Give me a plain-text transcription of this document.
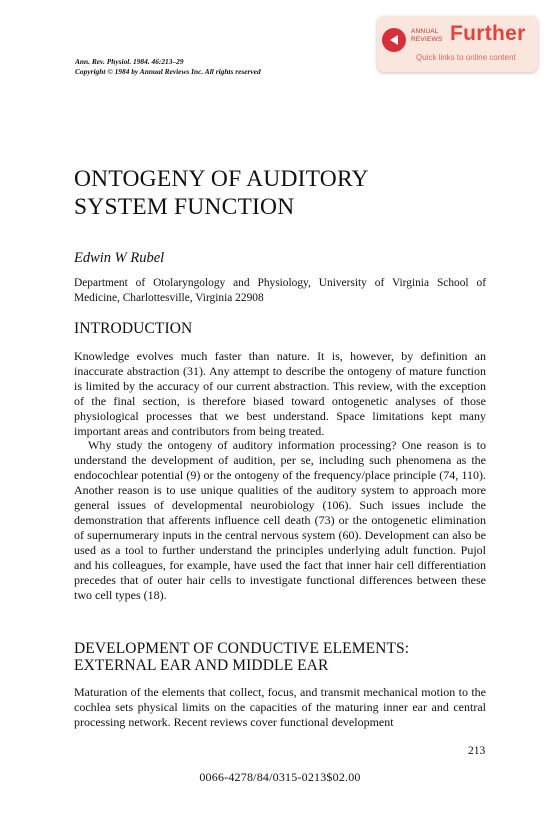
Ann. Rev. Physiol. 1984. 46:213–29
Copyright © 1984 by Annual Reviews Inc. All rights reserved
ANNUAL
REVIEWS Further
Quick links to online content
ONTOGENY OF AUDITORY
SYSTEM FUNCTION
Edwin W Rubel
Department of Otolaryngology and Physiology, University of Virginia School of Medicine, Charlottesville, Virginia 22908
INTRODUCTION

Knowledge evolves much faster than nature. It is, however, by definition an inaccurate abstraction (31). Any attempt to describe the ontogeny of mature function is limited by the accuracy of our current abstraction. This review, with the exception of the final section, is therefore biased toward ontogenetic analyses of those physiological processes that we best understand. Space limitations kept many important areas and contributors from being treated.

Why study the ontogeny of auditory information processing? One reason is to understand the development of audition, per se, including such phenomena as the endocochlear potential (9) or the ontogeny of the frequency/place principle (74, 110). Another reason is to use unique qualities of the auditory system to approach more general issues of developmental neurobiology (106). Such issues include the demonstration that afferents influence cell death (73) or the ontogenetic elimination of supernumerary inputs in the central nervous system (60). Development can also be used as a tool to further understand the principles underlying adult function. Pujol and his colleagues, for example, have used the fact that inner hair cell differentiation precedes that of outer hair cells to investigate functional differences between these two cell types (18).

DEVELOPMENT OF CONDUCTIVE ELEMENTS:
EXTERNAL EAR AND MIDDLE EAR

Maturation of the elements that collect, focus, and transmit mechanical motion to the cochlea sets physical limits on the capacities of the maturing inner ear and central processing network. Recent reviews cover functional development

213
0066-4278/84/0315-0213$02.00
